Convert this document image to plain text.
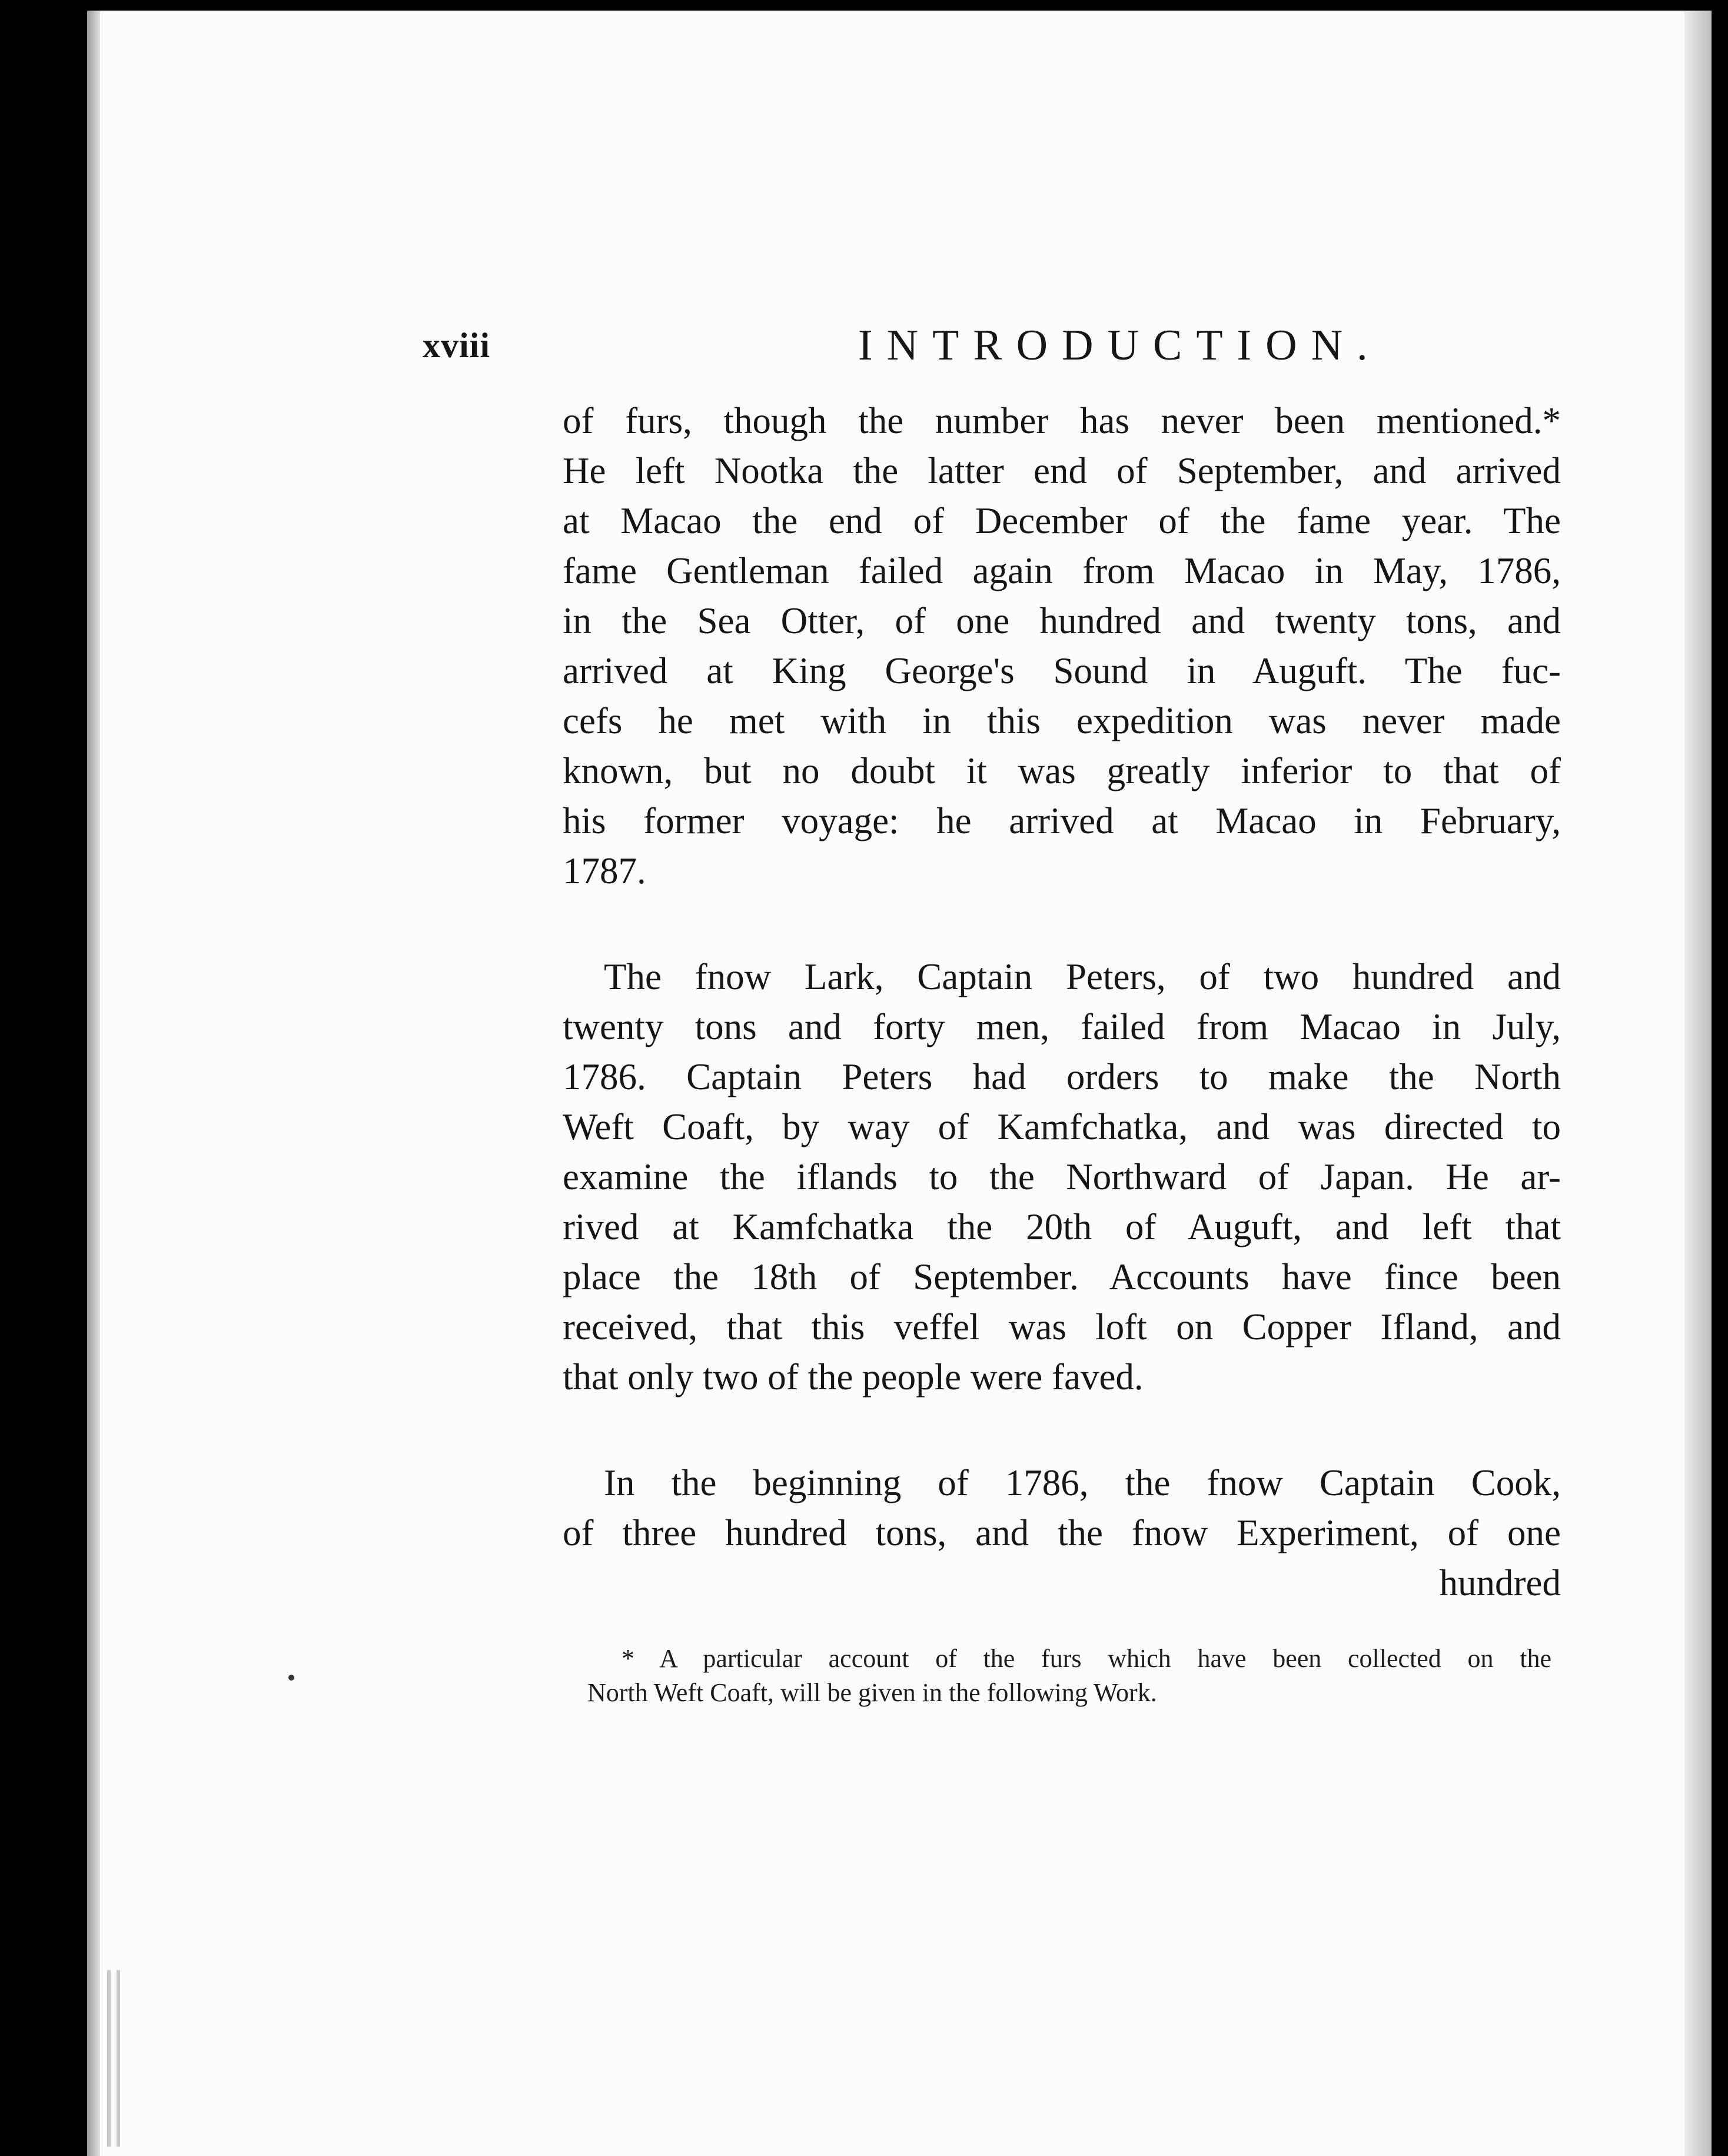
xviii	INTRODUCTION.
of furs, though the number has never been mentioned.*
He left Nootka the latter end of September, and arrived
at Macao the end of December of the fame year. The
fame Gentleman failed again from Macao in May, 1786,
in the Sea Otter, of one hundred and twenty tons, and
arrived at King George's Sound in Auguft. The fuc-
cefs he met with in this expedition was never made
known, but no doubt it was greatly inferior to that of
his former voyage: he arrived at Macao in February,
1787.
The fnow Lark, Captain Peters, of two hundred and
twenty tons and forty men, failed from Macao in July,
1786. Captain Peters had orders to make the North
Weft Coaft, by way of Kamfchatka, and was directed to
examine the iflands to the Northward of Japan. He ar-
rived at Kamfchatka the 20th of Auguft, and left that
place the 18th of September. Accounts have fince been
received, that this veffel was loft on Copper Ifland, and
that only two of the people were faved.
In the beginning of 1786, the fnow Captain Cook,
of three hundred tons, and the fnow Experiment, of one
hundred
* A particular account of the furs which have been collected on the
North Weft Coaft, will be given in the following Work.
